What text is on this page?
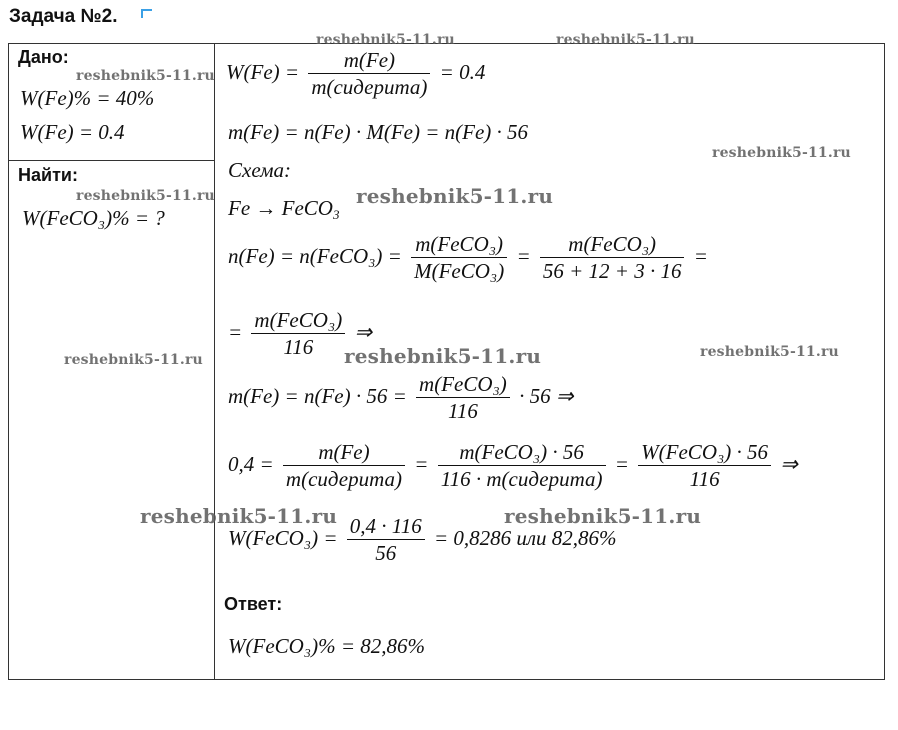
Задача №2.
Дано:
W(Fe)% = 40%
W(Fe) = 0.4
Найти:
W(FeCO₃)% = ?
$W(Fe) = \frac{m(Fe)}{\text{m(сидерита)}} = 0.4$
m(Fe) = n(Fe) · M(Fe) = n(Fe) · 56
Схема:
Fe → FeCO$_3$
n(Fe) = n(FeCO₃) = $\frac{\text{m(FeCO₃)}}{\text{M(FeCO₃)}} = \frac{\text{m(FeCO₃)}}{56 + 12 + 3 \cdot 16}$ =
= $\frac{\text{m(FeCO₃)}}{116}$ ⇒
$m(Fe) = n(Fe) \cdot 56 = \frac{\text{m(FeCO₃)}}{116} \cdot 56$ ⇒
$0,4 = \frac{m(Fe)}{\text{m(сидерита)}} = \frac{\text{m(FeCO₃) · 56}}{\text{116 · m(сидерита)}} = \frac{\text{W(FeCO₃) · 56}}{116}$ ⇒
W(FeCO₃) = $\frac{0,4 \cdot 116}{56} = 0,8286$ или 82,86%
Ответ:
W(FeCO₃)% = 82,86%
reshebnik5-11.ru	reshebnik5-11.ru
reshebnik5-11.ru
reshebnik5-11.ru
reshebnik5-11.ru	reshebnik5-11.ru
reshebnik5-11.ru	reshebnik5-11.ru	reshebnik5-11.ru
reshebnik5-11.ru	reshebnik5-11.ru
